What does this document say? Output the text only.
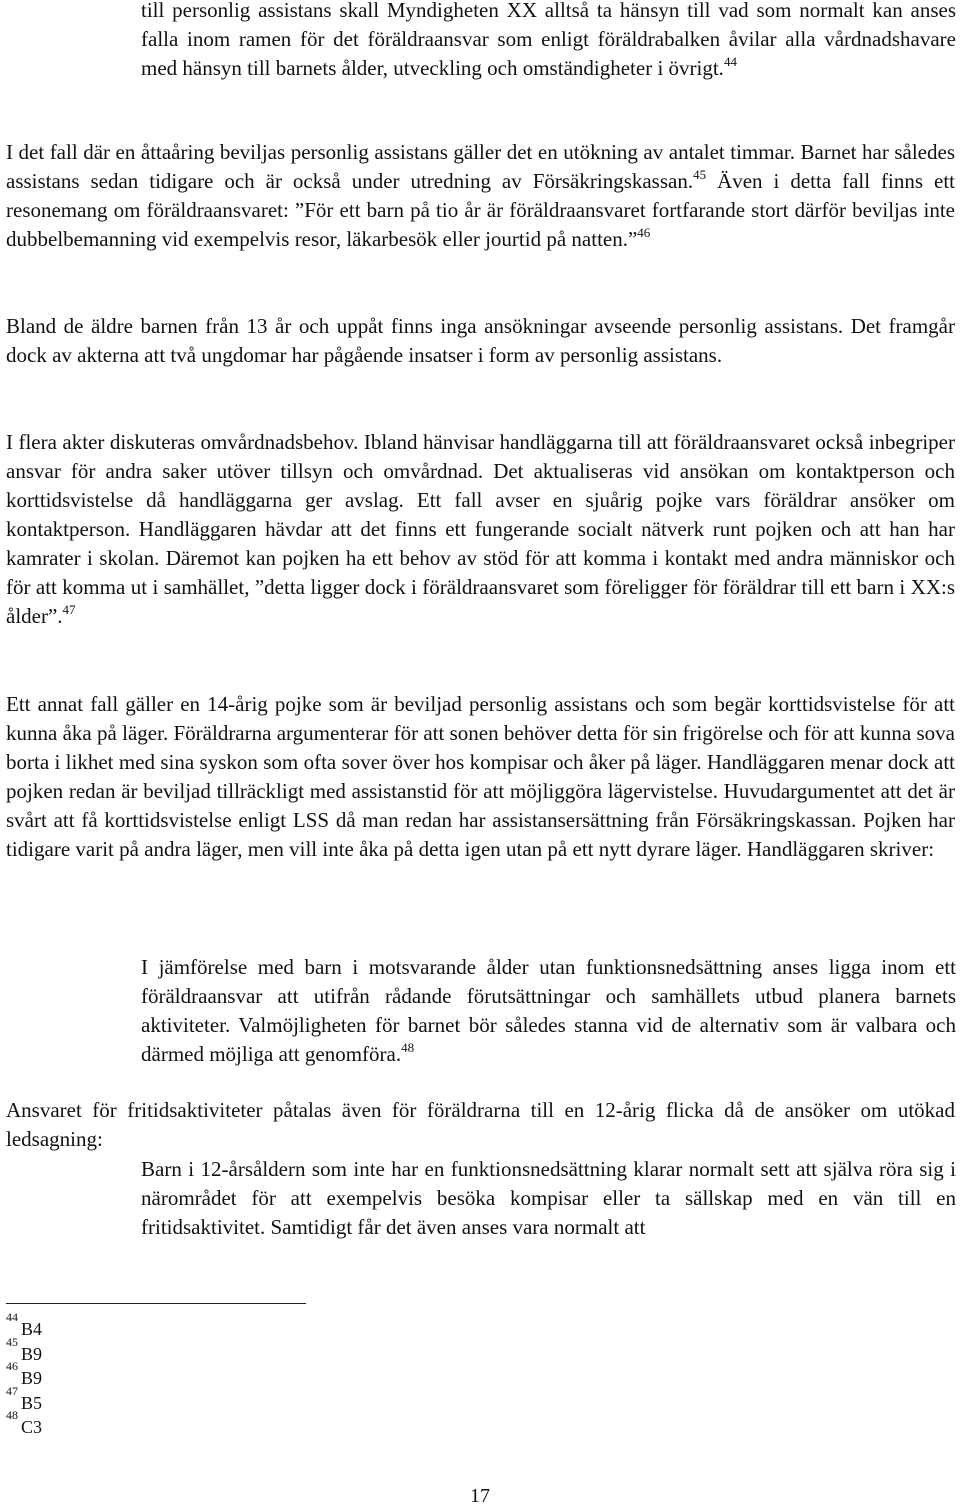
till personlig assistans skall Myndigheten XX alltså ta hänsyn till vad som normalt kan anses falla inom ramen för det föräldraansvar som enligt föräldrabalken åvilar alla vårdnadshavare med hänsyn till barnets ålder, utveckling och omständigheter i övrigt.$^{44}$

I det fall där en åttaåring beviljas personlig assistans gäller det en utökning av antalet timmar. Barnet har således assistans sedan tidigare och är också under utredning av Försäkringskassan.$^{45}$ Även i detta fall finns ett resonemang om föräldraansvaret: ”För ett barn på tio år är föräldraansvaret fortfarande stort därför beviljas inte dubbelbemanning vid exempelvis resor, läkarbesök eller jourtid på natten.”$^{46}$

Bland de äldre barnen från 13 år och uppåt finns inga ansökningar avseende personlig assistans. Det framgår dock av akterna att två ungdomar har pågående insatser i form av personlig assistans.

I flera akter diskuteras omvårdnadsbehov. Ibland hänvisar handläggarna till att föräldraansvaret också inbegriper ansvar för andra saker utöver tillsyn och omvårdnad. Det aktualiseras vid ansökan om kontaktperson och korttidsvistelse då handläggarna ger avslag. Ett fall avser en sjuårig pojke vars föräldrar ansöker om kontaktperson. Handläggaren hävdar att det finns ett fungerande socialt nätverk runt pojken och att han har kamrater i skolan. Däremot kan pojken ha ett behov av stöd för att komma i kontakt med andra människor och för att komma ut i samhället, ”detta ligger dock i föräldraansvaret som föreligger för föräldrar till ett barn i XX:s ålder”.$^{47}$

Ett annat fall gäller en 14-årig pojke som är beviljad personlig assistans och som begär korttidsvistelse för att kunna åka på läger. Föräldrarna argumenterar för att sonen behöver detta för sin frigörelse och för att kunna sova borta i likhet med sina syskon som ofta sover över hos kompisar och åker på läger. Handläggaren menar dock att pojken redan är beviljad tillräckligt med assistanstid för att möjliggöra lägervistelse. Huvudargumentet att det är svårt att få korttidsvistelse enligt LSS då man redan har assistansersättning från Försäkringskassan. Pojken har tidigare varit på andra läger, men vill inte åka på detta igen utan på ett nytt dyrare läger. Handläggaren skriver:

I jämförelse med barn i motsvarande ålder utan funktionsnedsättning anses ligga inom ett föräldraansvar att utifrån rådande förutsättningar och samhällets utbud planera barnets aktiviteter. Valmöjligheten för barnet bör således stanna vid de alternativ som är valbara och därmed möjliga att genomföra.$^{48}$

Ansvaret för fritidsaktiviteter påtalas även för föräldrarna till en 12-årig flicka då de ansöker om utökad ledsagning:

Barn i 12-årsåldern som inte har en funktionsnedsättning klarar normalt sett att själva röra sig i närområdet för att exempelvis besöka kompisar eller ta sällskap med en vän till en fritidsaktivitet. Samtidigt får det även anses vara normalt att

$^{44}$B4
$^{45}$B9
$^{46}$B9
$^{47}$B5
$^{48}$C3
17
